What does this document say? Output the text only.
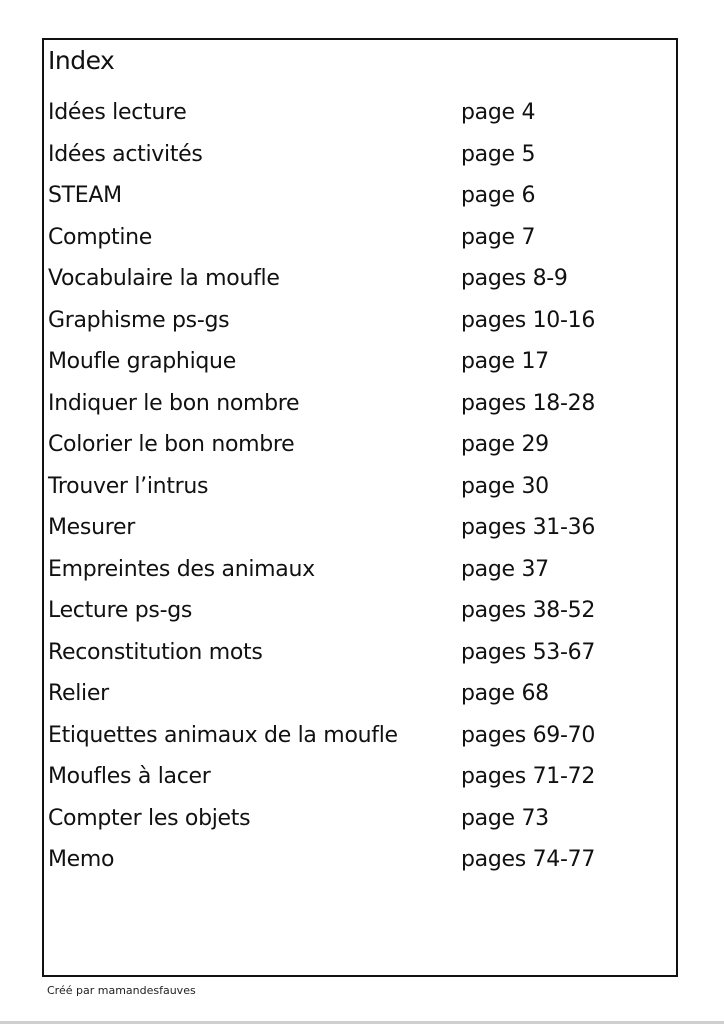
Index
Idées lecture	page 4
Idées activités	page 5
STEAM	page 6
Comptine	page 7
Vocabulaire la moufle	pages 8-9
Graphisme ps-gs	pages 10-16
Moufle graphique	page 17
Indiquer le bon nombre	pages 18-28
Colorier le bon nombre	page 29
Trouver l’intrus	page 30
Mesurer	pages 31-36
Empreintes des animaux	page 37
Lecture ps-gs	pages 38-52
Reconstitution mots	pages 53-67
Relier	page 68
Etiquettes animaux de la moufle	pages 69-70
Moufles à lacer	pages 71-72
Compter les objets	page 73
Memo	pages 74-77
Créé par mamandesfauves
